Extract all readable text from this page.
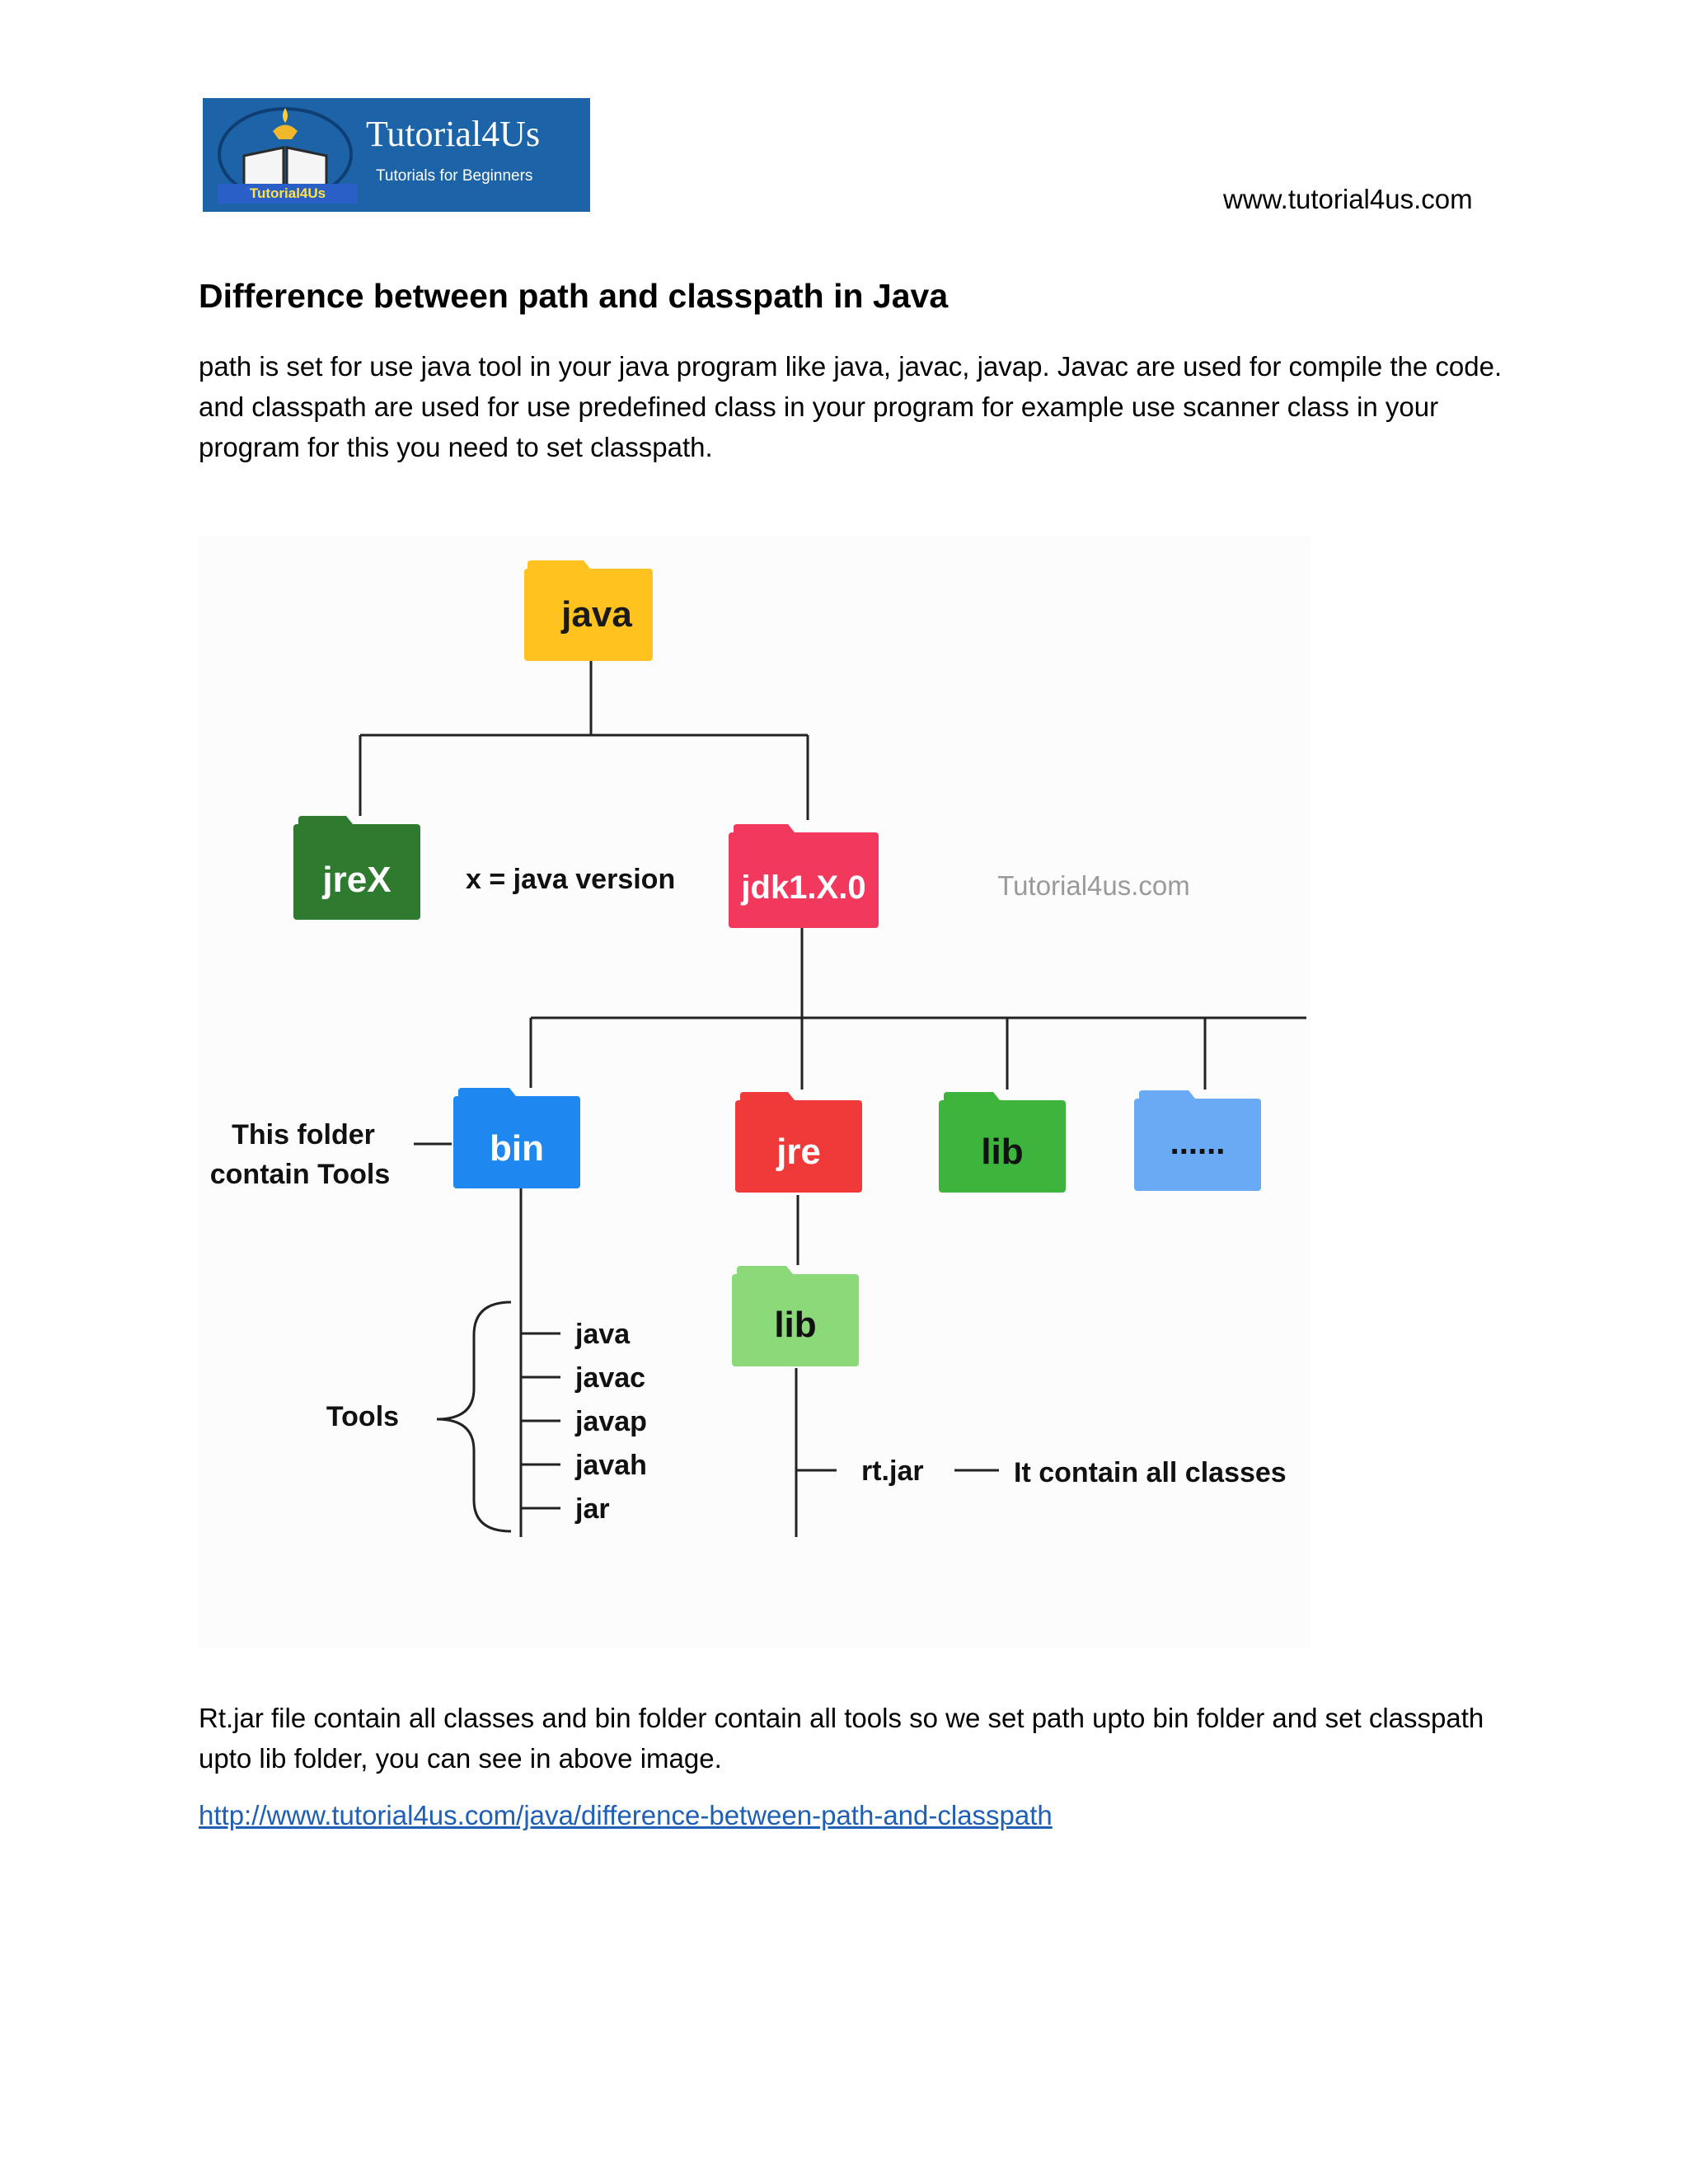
Tutorial4Us
Tutorials for Beginners
Tutorial4Us	www.tutorial4us.com
Difference between path and classpath in Java
path is set for use java tool in your java program like java, javac, javap. Javac are used for compile the code. and classpath are used for use predefined class in your program for example use scanner class in your program for this you need to set classpath.
java
jreX	jdk1.X.0
bin	jre	lib	......
lib
x = java version	Tutorial4us.com
This folder
contain Tools
Tools
java
javac
javap
javah
jar
rt.jar	It contain all classes
Rt.jar file contain all classes and bin folder contain all tools so we set path upto bin folder and set classpath upto lib folder, you can see in above image.
http://www.tutorial4us.com/java/difference-between-path-and-classpath
